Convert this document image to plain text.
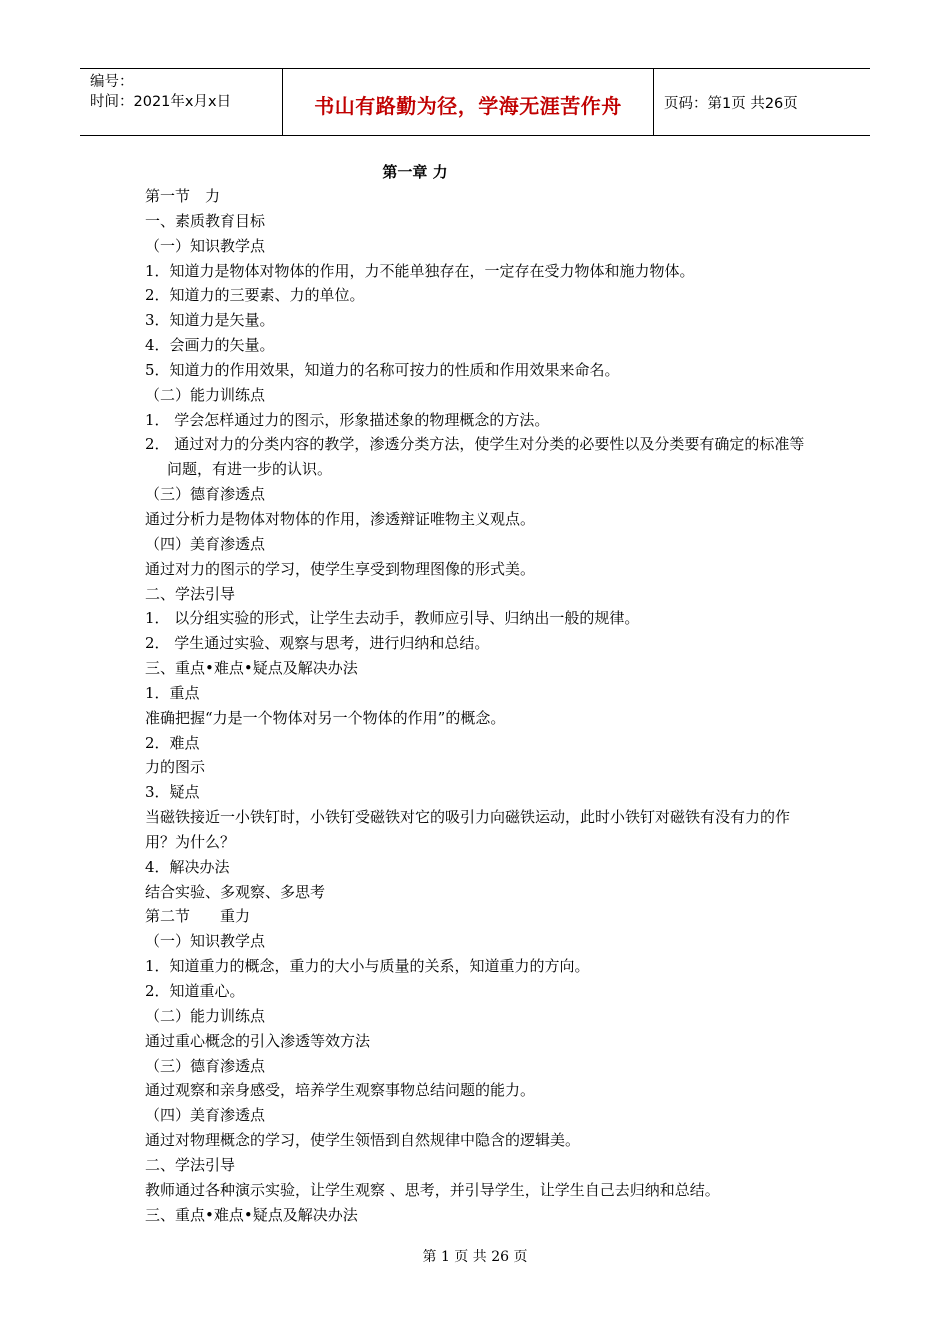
编号：
时间：2021年x月x日	书山有路勤为径，学海无涯苦作舟	页码：第1页 共26页
第一章 力
第一节　力
一、素质教育目标
（一）知识教学点
1．知道力是物体对物体的作用，力不能单独存在，一定存在受力物体和施力物体。
2．知道力的三要素、力的单位。
3．知道力是矢量。
4．会画力的矢量。
5．知道力的作用效果，知道力的名称可按力的性质和作用效果来命名。
（二）能力训练点
1． 学会怎样通过力的图示，形象描述象的物理概念的方法。
2． 通过对力的分类内容的教学，渗透分类方法，使学生对分类的必要性以及分类要有确定的标准等问题，有进一步的认识。
（三）德育渗透点
通过分析力是物体对物体的作用，渗透辩证唯物主义观点。
（四）美育渗透点
通过对力的图示的学习，使学生享受到物理图像的形式美。
二、学法引导
1． 以分组实验的形式，让学生去动手，教师应引导、归纳出一般的规律。
2． 学生通过实验、观察与思考，进行归纳和总结。
三、重点•难点•疑点及解决办法
1．重点
准确把握“力是一个物体对另一个物体的作用”的概念。
2．难点
力的图示
3．疑点
当磁铁接近一小铁钉时，小铁钉受磁铁对它的吸引力向磁铁运动，此时小铁钉对磁铁有没有力的作用？为什么？
4．解决办法
结合实验、多观察、多思考
第二节　　重力
（一）知识教学点
1．知道重力的概念，重力的大小与质量的关系，知道重力的方向。
2．知道重心。
（二）能力训练点
通过重心概念的引入渗透等效方法
（三）德育渗透点
通过观察和亲身感受，培养学生观察事物总结问题的能力。
（四）美育渗透点
通过对物理概念的学习，使学生领悟到自然规律中隐含的逻辑美。
二、学法引导
教师通过各种演示实验，让学生观察 、思考，并引导学生，让学生自己去归纳和总结。
三、重点•难点•疑点及解决办法
第 1 页 共 26 页
